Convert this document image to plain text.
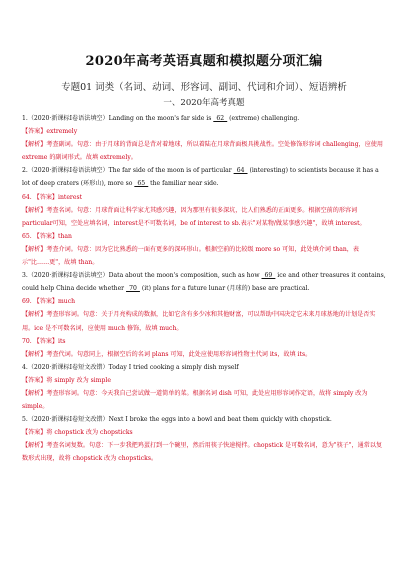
2020年高考英语真题和模拟题分项汇编
专题01 词类（名词、动词、形容词、副词、代词和介词）、短语辨析
一、2020年高考真题

1.（2020·新课标Ⅰ卷语法填空）Landing on the moon's far side is _62_ (extreme) challenging.

【答案】extremely

【解析】考查副词。句意：由于月球的背面总是背对着地球，所以着陆在月球背面极具挑战性。空处修饰形容词 challenging，应使用 extreme 的副词形式。故填 extremely。

2.（2020·新课标Ⅰ卷语法填空）The far side of the moon is of particular _64_ (interesting) to scientists because it has a lot of deep craters (环形山), more so _65_ the familiar near side.

64. 【答案】interest

【解析】考查名词。句意：月球背面让科学家尤其感兴趣，因为那里有很多深坑，比人们熟悉的正面更多。根据空前的形容词particular可知，空处应填名词，interest是不可数名词，be of interest to sb.表示"对某物/做某事感兴趣"，故填 interest。

65. 【答案】than

【解析】考查介词。句意：因为它比熟悉的一面有更多的深环形山。根据空前的比较级 more so 可知，此处填介词 than，表示"比……更"，故填 than。

3.（2020·新课标Ⅰ卷语法填空）Data about the moon's composition, such as how _69_ ice and other treasures it contains, could help China decide whether _70_ (it) plans for a future lunar (月球的) base are practical.

69. 【答案】much

【解析】考查形容词。句意：关于月亮构成的数据，比如它含有多少冰和其他财富，可以帮助中国决定它未来月球基地的计划是否实用。ice 是不可数名词，应使用 much 修饰，故填 much。

70. 【答案】its

【解析】考查代词。句意同上，根据空后的名词 plans 可知，此处应使用形容词性物主代词 its，故填 its。

4.（2020·新课标Ⅰ卷短文改错）Today I tried cooking a simply dish myself

【答案】将 simply 改为 simple

【解析】考查形容词。句意：今天我自己尝试做一道简单的菜。根据名词 dish 可知，此处应用形容词作定语，故将 simply 改为 simple。

5.（2020·新课标Ⅰ卷短文改错）Next I broke the eggs into a bowl and beat them quickly with chopstick.

【答案】将 chopstick 改为 chopsticks

【解析】考查名词复数。句意：下一步我把鸡蛋打到一个碗里，然后用筷子快速搅拌。chopstick 是可数名词，意为"筷子"，通常以复数形式出现，故将 chopstick 改为 chopsticks。
